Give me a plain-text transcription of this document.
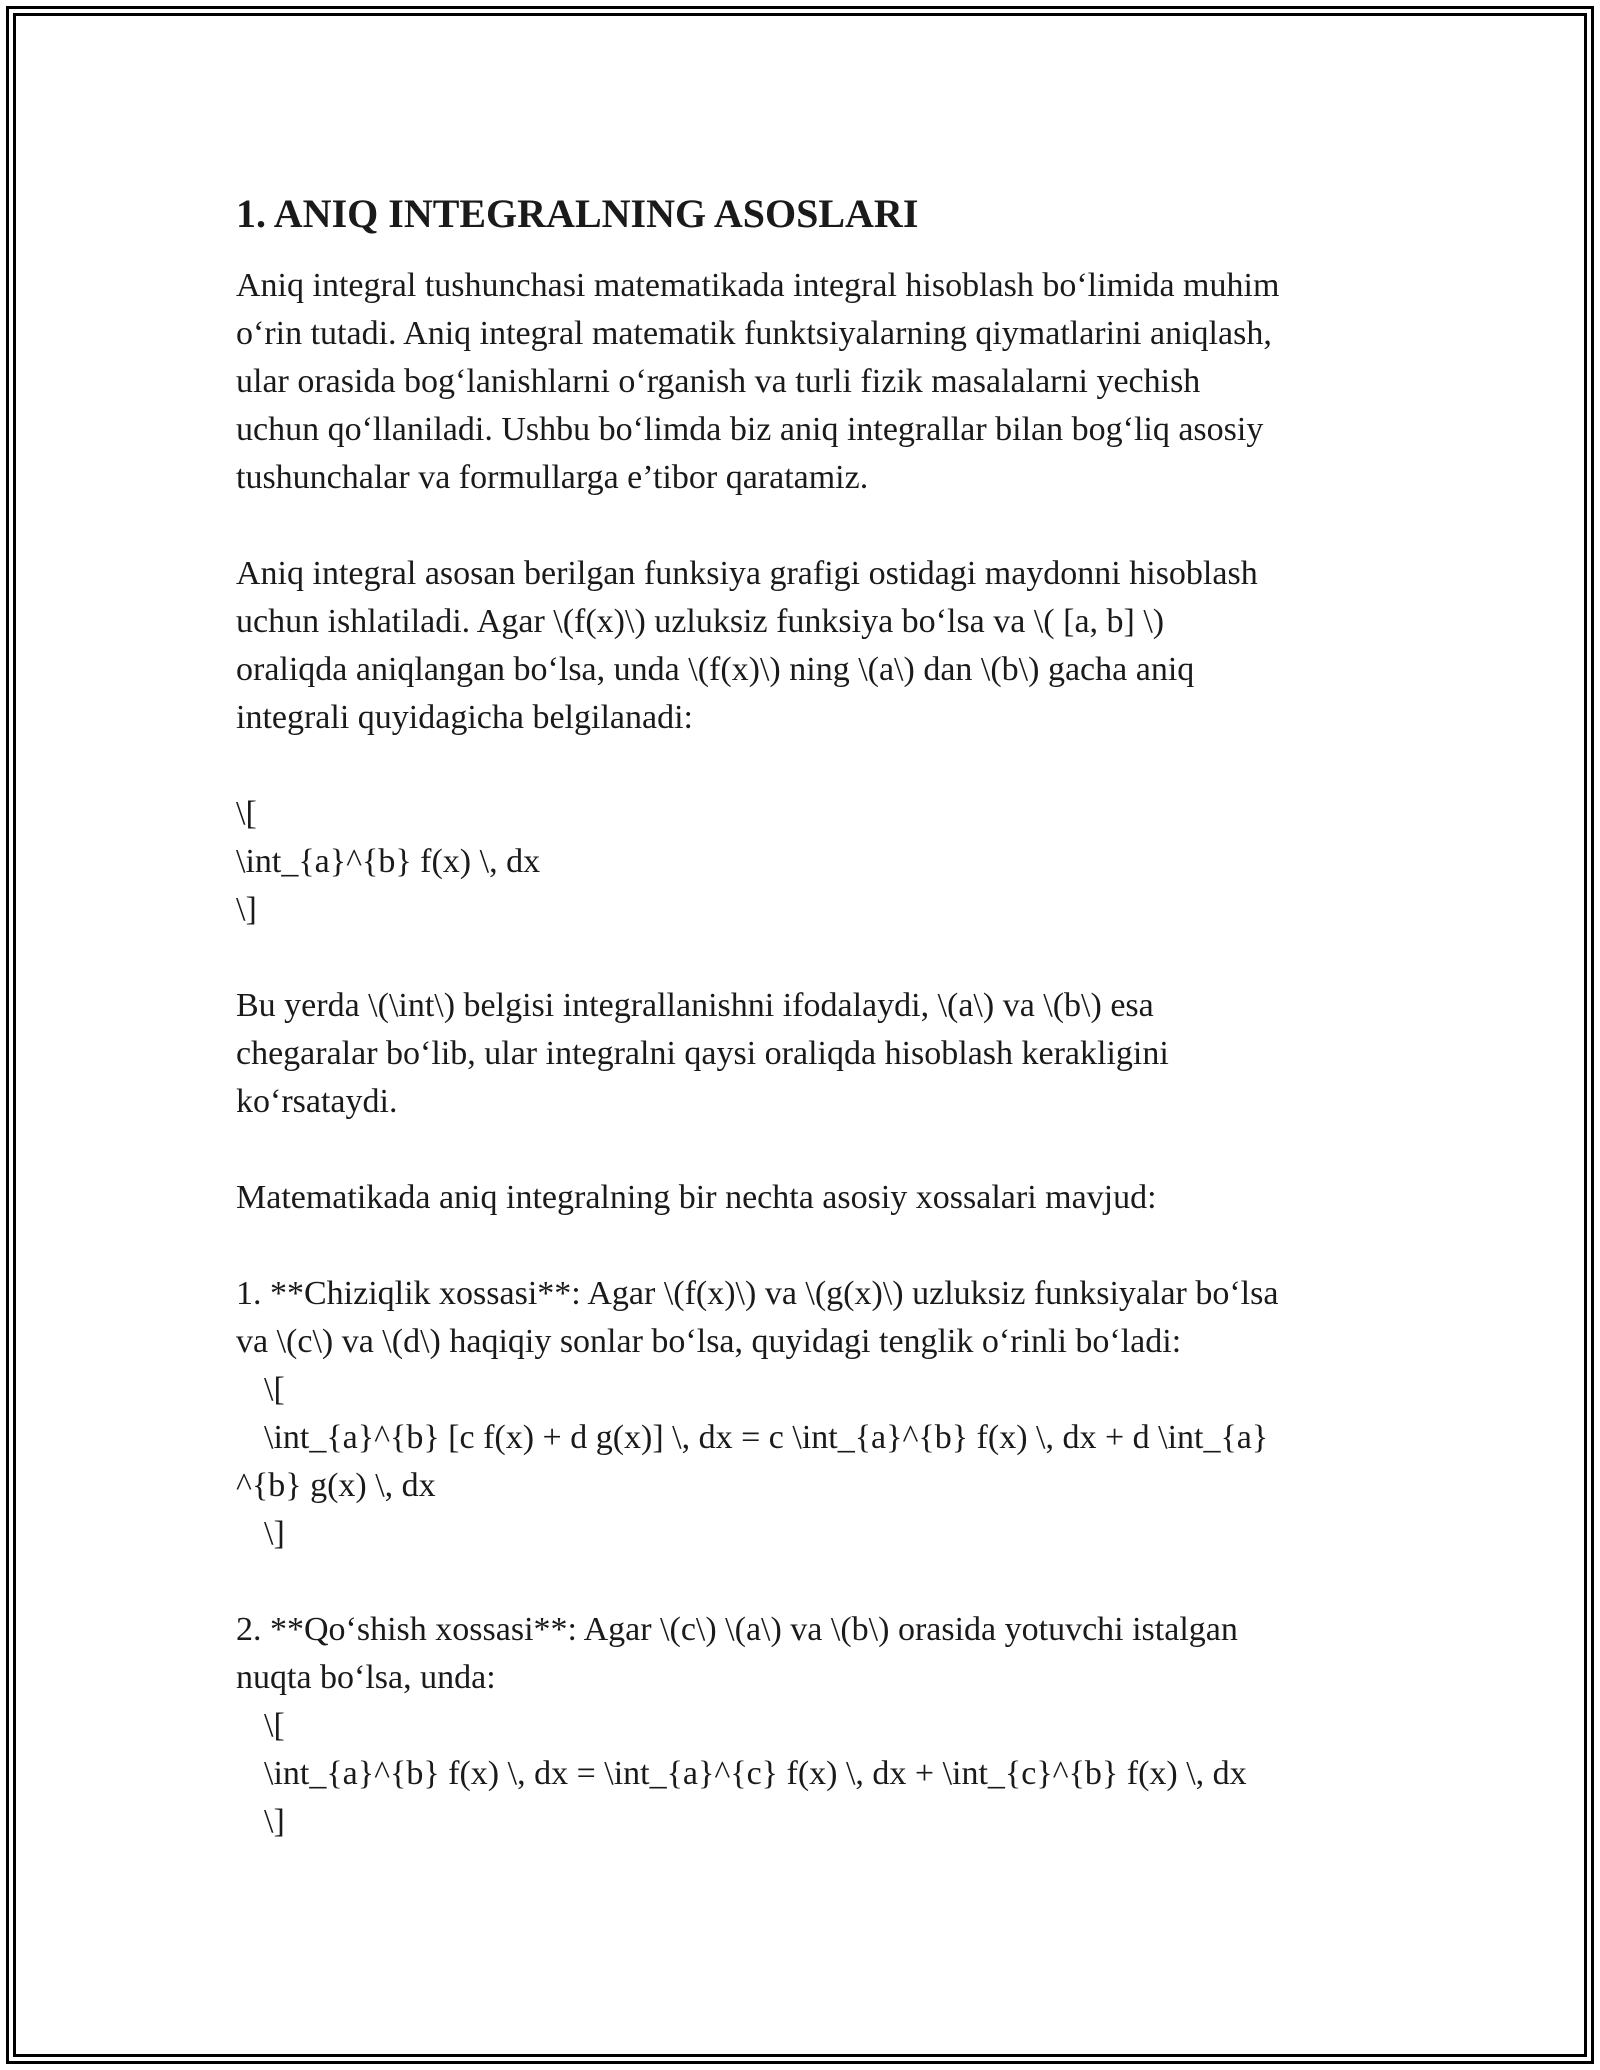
1. ANIQ INTEGRALNING ASOSLARI
Aniq integral tushunchasi matematikada integral hisoblash bo‘limida muhim
o‘rin tutadi. Aniq integral matematik funktsiyalarning qiymatlarini aniqlash,
ular orasida bog‘lanishlarni o‘rganish va turli fizik masalalarni yechish
uchun qo‘llaniladi. Ushbu bo‘limda biz aniq integrallar bilan bog‘liq asosiy
tushunchalar va formullarga e’tibor qaratamiz.
Aniq integral asosan berilgan funksiya grafigi ostidagi maydonni hisoblash
uchun ishlatiladi. Agar \(f(x)\) uzluksiz funksiya bo‘lsa va \( [a, b] \)
oraliqda aniqlangan bo‘lsa, unda \(f(x)\) ning \(a\) dan \(b\) gacha aniq
integrali quyidagicha belgilanadi:
\[
\int_{a}^{b} f(x) \, dx
\]
Bu yerda \(\int\) belgisi integrallanishni ifodalaydi, \(a\) va \(b\) esa
chegaralar bo‘lib, ular integralni qaysi oraliqda hisoblash kerakligini
ko‘rsataydi.
Matematikada aniq integralning bir nechta asosiy xossalari mavjud:
1. **Chiziqlik xossasi**: Agar \(f(x)\) va \(g(x)\) uzluksiz funksiyalar bo‘lsa
va \(c\) va \(d\) haqiqiy sonlar bo‘lsa, quyidagi tenglik o‘rinli bo‘ladi:
\[
\int_{a}^{b} [c f(x) + d g(x)] \, dx = c \int_{a}^{b} f(x) \, dx + d \int_{a}
^{b} g(x) \, dx
\]
2. **Qo‘shish xossasi**: Agar \(c\) \(a\) va \(b\) orasida yotuvchi istalgan
nuqta bo‘lsa, unda:
\[
\int_{a}^{b} f(x) \, dx = \int_{a}^{c} f(x) \, dx + \int_{c}^{b} f(x) \, dx
\]
